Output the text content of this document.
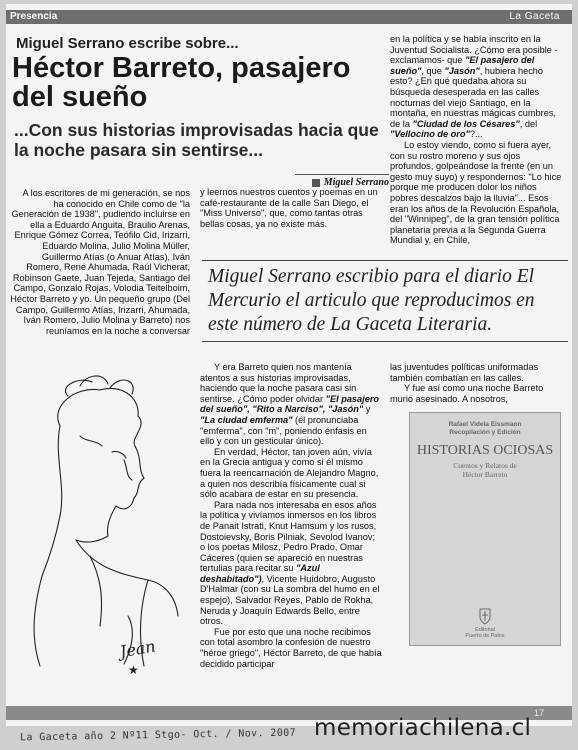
Presencia	La Gaceta
Miguel Serrano escribe sobre...
Héctor Barreto, pasajero del sueño
...Con sus historias improvisadas hacia que la noche pasara sin sentirse...
Miguel Serrano

A los escritores de mi generación, se nos ha conocido en Chile como de "la Generación de 1938", pudiendo incluirse en ella a Eduardo Anguita, Braulio Arenas, Enrique Gómez Correa, Teófilo Cid, Irizarri, Eduardo Molina, Julio Molina Müller, Guillermo Atías (o Anuar Atías), Iván Romero, René Ahumada, Raúl Vicherat, Robinson Gaete, Juan Tejeda, Santiago del Campo, Gonzalo Rojas, Volodia Teitelboim, Héctor Barreto y yo. Un pequeño grupo (Del Campo, Guillermo Atías, Irizarri, Ahumada, Iván Romero, Julio Molina y Barreto) nos reuníamos en la noche a conversar

y leernos nuestros cuentos y poemas en un café-restaurante de la calle San Diego, el "Miss Universo", que, como tantas otras bellas cosas, ya no existe más.

en la política y se había inscrito en la Juventud Socialista. ¿Cómo era posible -exclamamos- que "El pasajero del sueño", que "Jasón", hubiera hecho esto? ¿En qué quedaba ahora su búsqueda desesperada en las calles nocturnas del viejo Santiago, en la montaña, en nuestras mágicas cumbres, de la "Ciudad de los Césares", del "Vellocino de oro"?...

Lo estoy viendo, como si fuera ayer, con su rostro moreno y sus ojos profundos, golpeándose la frente (en un gesto muy suyo) y respondernos: "Lo hice porque me producen dolor los niños pobres descalzos bajo la lluvia"... Esos eran los años de la Revolución Española, del "Winnipeg", de la gran tensión política planetaria previa a la Segunda Guerra Mundial y, en Chile,

Miguel Serrano escribio para el diario El Mercurio el articulo que reproducimos en este número de La Gaceta Literaria.
Jean
★

Y era Barreto quien nos mantenía atentos a sus historias improvisadas, haciendo que la noche pasara casi sin sentirse. ¿Cómo poder olvidar "El pasajero del sueño", "Rito a Narciso", "Jasón" y "La ciudad emferma" (él pronunciaba "emferma", con "m", poniendo énfasis en ello y con un gesticular único).

En verdad, Héctor, tan joven aún, vivía en la Grecia antigua y como si él mismo fuera la reencarnación de Alejandro Magno, a quien nos describía físicamente cual si sólo acabara de estar en su presencia.

Para nada nos interesaba en esos años la política y vivíamos inmersos en los libros de Panait Istrati, Knut Hamsum y los rusos, Dostoievsky, Boris Pilniak, Sevolod Ivanov; o los poetas Milosz, Pedro Prado, Omar Cáceres (quien se apareció en nuestras tertulias para recitar su "Azul deshabitado"), Vicente Huidobro, Augusto D'Halmar (con su La sombra del humo en el espejo), Salvador Reyes, Pablo de Rokha, Neruda y Joaquín Edwards Bello, entre otros.

Fue por esto que una noche recibimos con total asombro la confesión de nuestro "héroe griego", Héctor Barreto, de que había decidido participar

las juventudes políticas uniformadas también combatían en las calles.

Y fue así como una noche Barreto murió asesinado. A nosotros,

Rafael Videla Eissmann
Recopilación y Edición
HISTORIAS OCIOSAS
Cuentos y Relatos de
Héctor Barreto
Editorial
Puerto de Palos
17
La Gaceta año 2 Nº11 Stgo- Oct. / Nov. 2007 memoriachilena.cl
